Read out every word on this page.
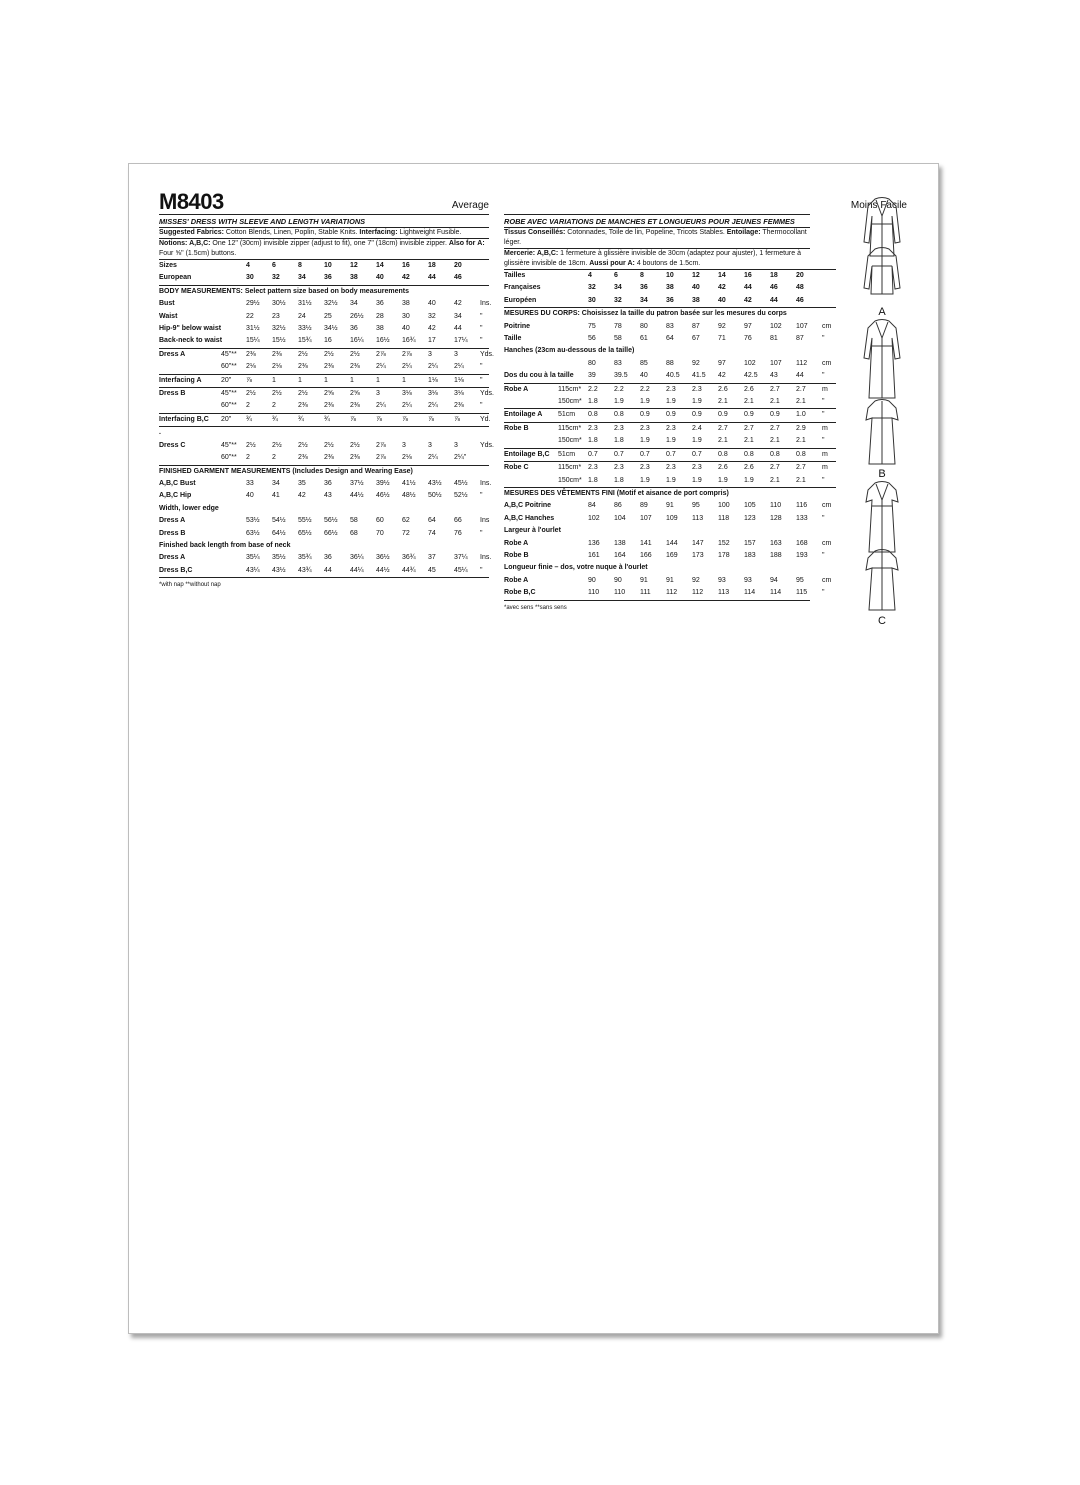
M8403	Average
MISSES' DRESS WITH SLEEVE AND LENGTH VARIATIONS
Suggested Fabrics: Cotton Blends, Linen, Poplin, Stable Knits. Interfacing: Lightweight Fusible.
Notions: A,B,C: One 12" (30cm) invisible zipper (adjust to fit), one 7" (18cm) invisible zipper. Also for A: Four ⅝" (1.5cm) buttons.
Sizes		4	6	8	10	12	14	16	18	20	
European		30	32	34	36	38	40	42	44	46	

BODY MEASUREMENTS: Select pattern size based on body measurements											
Bust		29½	30½	31½	32½	34	36	38	40	42	Ins.
Waist		22	23	24	25	26½	28	30	32	34	"
Hip-9" below waist		31½	32½	33½	34½	36	38	40	42	44	"
Back-neck to waist		15¼	15½	15¾	16	16¼	16½	16¾	17	17¼	"

Dress A	45"**	2⅜	2⅜	2½	2½	2½	2⅞	2⅞	3	3	Yds.
	60"**	2⅛	2⅛	2⅜	2⅜	2⅜	2¼	2¼	2¼	2¼	"
Interfacing A	20"	⅞	1	1	1	1	1	1	1⅛	1⅛	"
Dress B	45"**	2½	2½	2½	2⅝	2⅝	3	3⅛	3⅛	3⅛	Yds.
	60"**	2	2	2⅜	2⅜	2⅜	2¼	2¼	2¼	2⅜	"
Interfacing B,C	20"	¾	¾	¾	¾	⅞	⅞	⅞	⅞	⅞	Yd.
.											
Dress C	45"**	2½	2½	2½	2½	2½	2⅞	3	3	3	Yds.
	60"**	2	2	2⅜	2⅜	2⅜	2⅞	2⅛	2¼	2¼"	
FINISHED GARMENT MEASUREMENTS (Includes Design and Wearing Ease)											
A,B,C Bust		33	34	35	36	37½	39½	41½	43½	45½	Ins.
A,B,C Hip		40	41	42	43	44½	46½	48½	50½	52½	"
Width, lower edge											
Dress A		53½	54½	55½	56½	58	60	62	64	66	Ins
Dress B		63½	64½	65½	66½	68	70	72	74	76	"
Finished back length from base of neck											
Dress A		35¼	35½	35¾	36	36¼	36½	36¾	37	37¼	Ins.
Dress B,C		43¼	43½	43¾	44	44¼	44½	44¾	45	45¼	"
*with nap **without nap
Moins Facile
ROBE AVEC VARIATIONS DE MANCHES ET LONGUEURS POUR JEUNES FEMMES
Tissus Conseillés: Cotonnades, Toile de lin, Popeline, Tricots Stables. Entoilage: Thermocollant léger.
Mercerie: A,B,C: 1 fermeture à glissière invisible de 30cm (adaptez pour ajuster), 1 fermeture à glissière invisible de 18cm. Aussi pour A: 4 boutons de 1.5cm.
Tailles		4	6	8	10	12	14	16	18	20	
Françaises		32	34	36	38	40	42	44	46	48	
Européen		30	32	34	36	38	40	42	44	46	
MESURES DU CORPS: Choisissez la taille du patron basée sur les mesures du corps											
Poitrine		75	78	80	83	87	92	97	102	107	cm
Taille		56	58	61	64	67	71	76	81	87	"
Hanches (23cm au-dessous de la taille)											
		80	83	85	88	92	97	102	107	112	cm
Dos du cou à la taille		39	39.5	40	40.5	41.5	42	42.5	43	44	"
Robe A	115cm*	2.2	2.2	2.2	2.3	2.3	2.6	2.6	2.7	2.7	m
	150cm*	1.8	1.9	1.9	1.9	1.9	2.1	2.1	2.1	2.1	"
Entoilage A	51cm	0.8	0.8	0.9	0.9	0.9	0.9	0.9	0.9	1.0	"
Robe B	115cm*	2.3	2.3	2.3	2.3	2.4	2.7	2.7	2.7	2.9	m
	150cm*	1.8	1.8	1.9	1.9	1.9	2.1	2.1	2.1	2.1	"
Entoilage B,C	51cm	0.7	0.7	0.7	0.7	0.7	0.8	0.8	0.8	0.8	m
Robe C	115cm*	2.3	2.3	2.3	2.3	2.3	2.6	2.6	2.7	2.7	m
	150cm*	1.8	1.8	1.9	1.9	1.9	1.9	1.9	2.1	2.1	"
MESURES DES VÊTEMENTS FINI (Motif et aisance de port compris)											
A,B,C Poitrine		84	86	89	91	95	100	105	110	116	cm
A,B,C Hanches		102	104	107	109	113	118	123	128	133	"
Largeur à l'ourlet											
Robe A		136	138	141	144	147	152	157	163	168	cm
Robe B		161	164	166	169	173	178	183	188	193	"
Longueur finie – dos, votre nuque à l'ourlet											
Robe A		90	90	91	91	92	93	93	94	95	cm
Robe B,C		110	110	111	112	112	113	114	114	115	"
*avec sens **sans sens
A
B
C
